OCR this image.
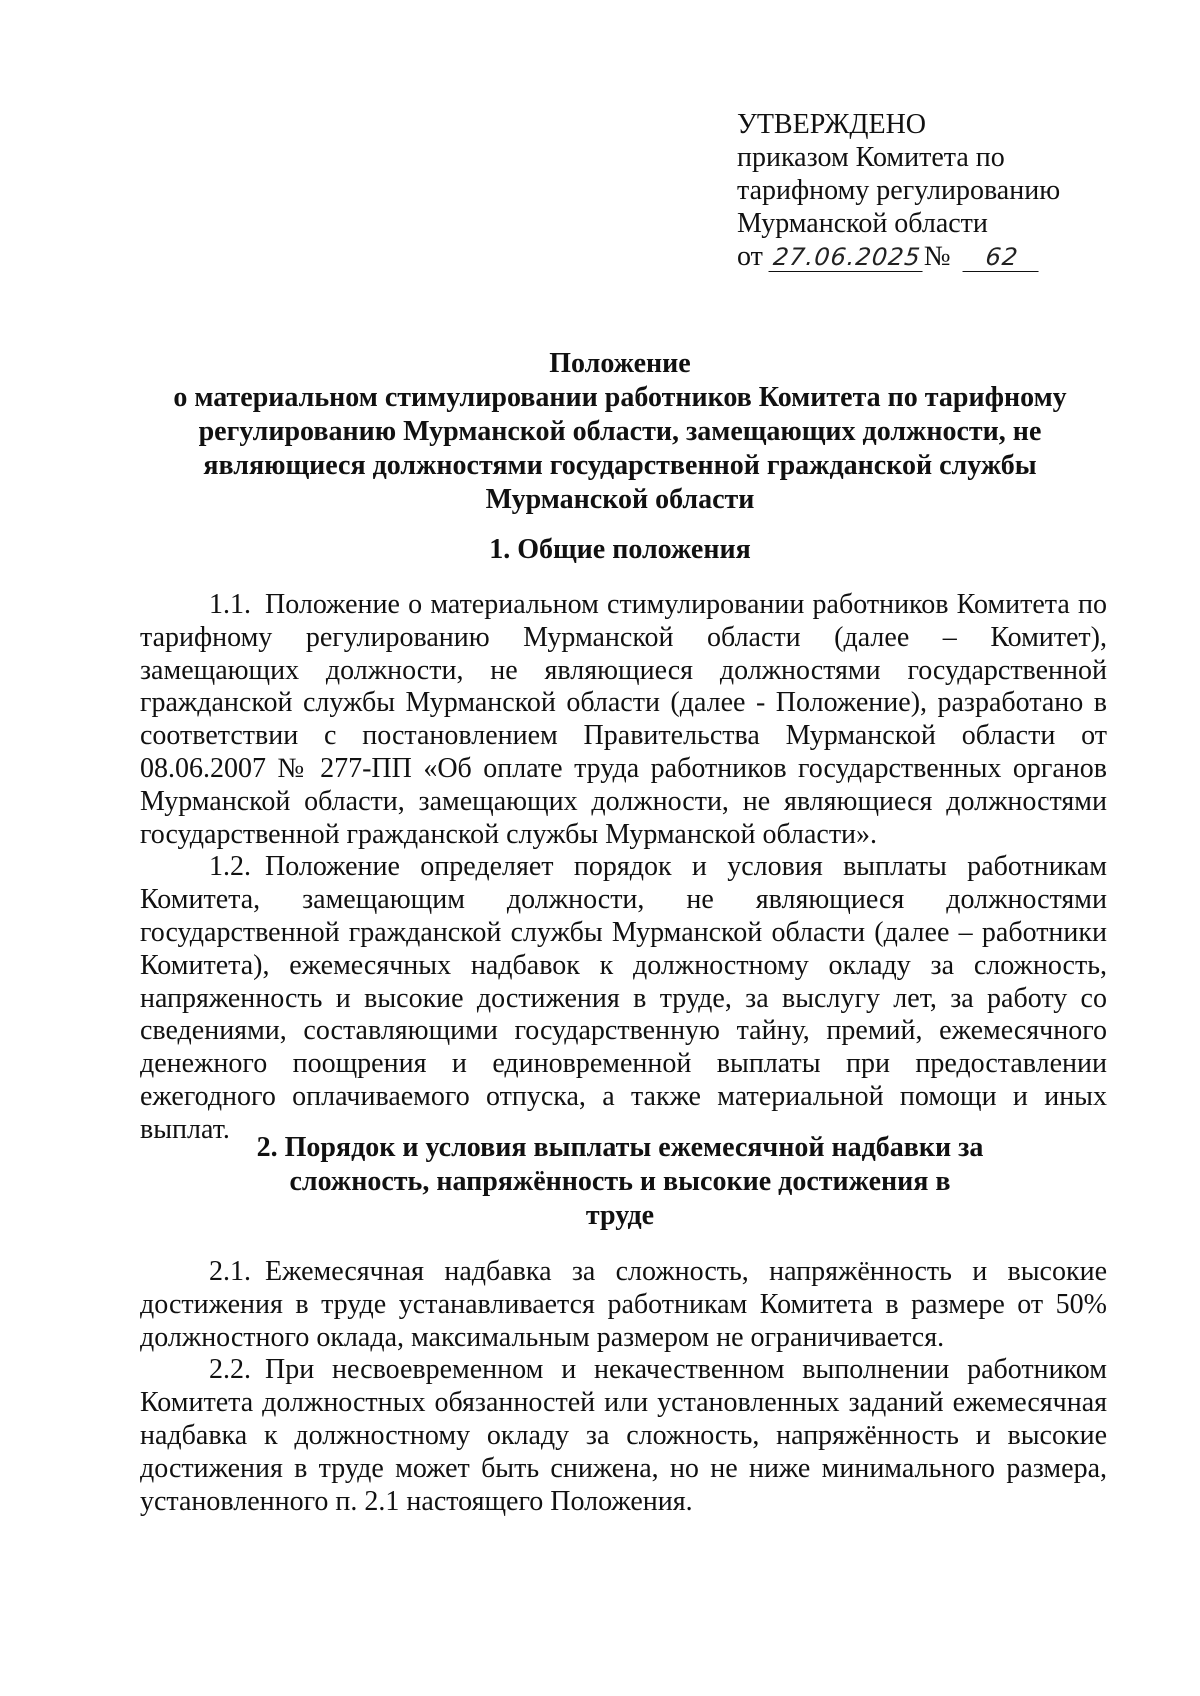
УТВЕРЖДЕНО
приказом Комитета по
тарифному регулированию
Мурманской области
от 27.06.2025№ 62
Положение
о материальном стимулировании работников Комитета по тарифному
регулированию Мурманской области, замещающих должности, не
являющиеся должностями государственной гражданской службы
Мурманской области
1. Общие положения

1.1. Положение о материальном стимулировании работников Комитета по тарифному регулированию Мурманской области (далее – Комитет), замещающих должности, не являющиеся должностями государственной гражданской службы Мурманской области (далее - Положение), разработано в соответствии с постановлением Правительства Мурманской области от 08.06.2007 № 277-ПП «Об оплате труда работников государственных органов Мурманской области, замещающих должности, не являющиеся должностями государственной гражданской службы Мурманской области».

1.2. Положение определяет порядок и условия выплаты работникам Комитета, замещающим должности, не являющиеся должностями государственной гражданской службы Мурманской области (далее – работники Комитета), ежемесячных надбавок к должностному окладу за сложность, напряженность и высокие достижения в труде, за выслугу лет, за работу со сведениями, составляющими государственную тайну, премий, ежемесячного денежного поощрения и единовременной выплаты при предоставлении ежегодного оплачиваемого отпуска, а также материальной помощи и иных выплат.

2. Порядок и условия выплаты ежемесячной надбавки за
сложность, напряжённость и высокие достижения в
труде

2.1. Ежемесячная надбавка за сложность, напряжённость и высокие достижения в труде устанавливается работникам Комитета в размере от 50% должностного оклада, максимальным размером не ограничивается.

2.2. При несвоевременном и некачественном выполнении работником Комитета должностных обязанностей или установленных заданий ежемесячная надбавка к должностному окладу за сложность, напряжённость и высокие достижения в труде может быть снижена, но не ниже минимального размера, установленного п. 2.1 настоящего Положения.
